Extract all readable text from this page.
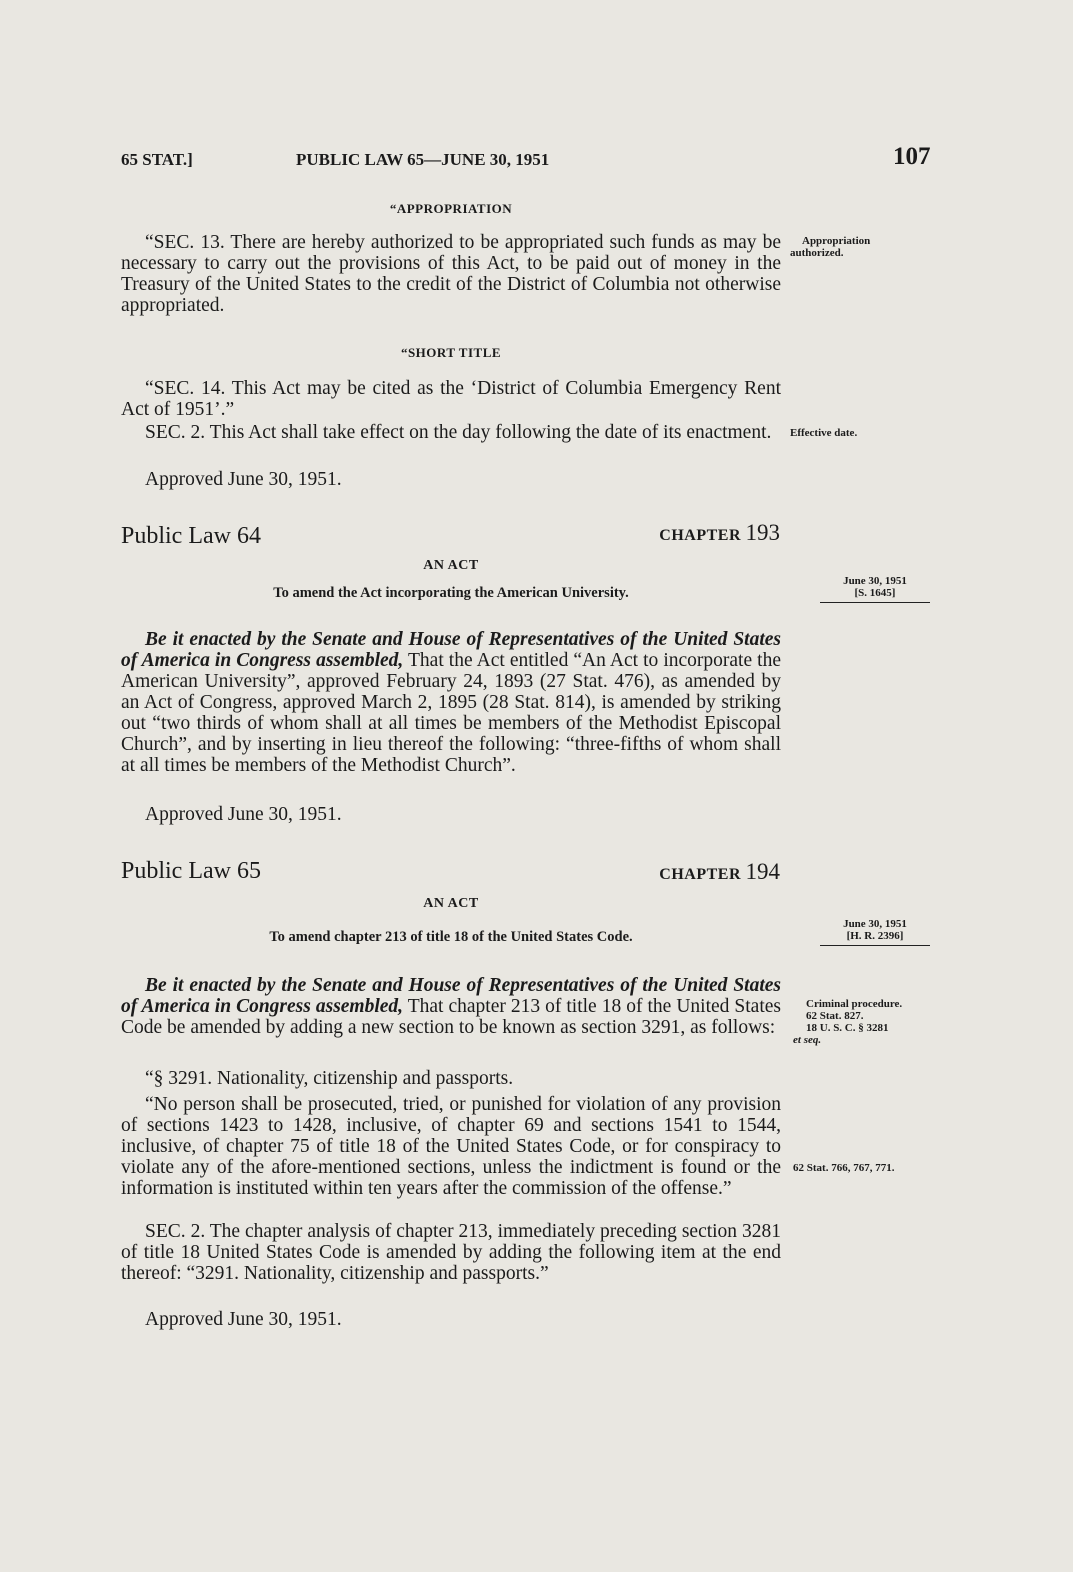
65 STAT.]	PUBLIC LAW 65—JUNE 30, 1951	107
“APPROPRIATION

“SEC. 13. There are hereby authorized to be appropriated such funds as may be necessary to carry out the provisions of this Act, to be paid out of money in the Treasury of the United States to the credit of the District of Columbia not otherwise appropriated.

“SHORT TITLE

“SEC. 14. This Act may be cited as the ‘District of Columbia Emergency Rent Act of 1951’.”

SEC. 2. This Act shall take effect on the day following the date of its enactment.

Approved June 30, 1951.

Public Law 64	CHAPTER 193
AN ACT
To amend the Act incorporating the American University.

Be it enacted by the Senate and House of Representatives of the United States of America in Congress assembled, That the Act entitled “An Act to incorporate the American University”, approved February 24, 1893 (27 Stat. 476), as amended by an Act of Congress, approved March 2, 1895 (28 Stat. 814), is amended by striking out “two thirds of whom shall at all times be members of the Methodist Episcopal Church”, and by inserting in lieu thereof the following: “three-fifths of whom shall at all times be members of the Methodist Church”.

Approved June 30, 1951.

Public Law 65	CHAPTER 194
AN ACT
To amend chapter 213 of title 18 of the United States Code.

Be it enacted by the Senate and House of Representatives of the United States of America in Congress assembled, That chapter 213 of title 18 of the United States Code be amended by adding a new section to be known as section 3291, as follows:

“§ 3291. Nationality, citizenship and passports.

“No person shall be prosecuted, tried, or punished for violation of any provision of sections 1423 to 1428, inclusive, of chapter 69 and sections 1541 to 1544, inclusive, of chapter 75 of title 18 of the United States Code, or for conspiracy to violate any of the afore-mentioned sections, unless the indictment is found or the information is instituted within ten years after the commission of the offense.”

SEC. 2. The chapter analysis of chapter 213, immediately preceding section 3281 of title 18 United States Code is amended by adding the following item at the end thereof: “3291. Nationality, citizenship and passports.”

Approved June 30, 1951.

Appropriation authorized.
Effective date.
June 30, 1951
[S. 1645]
June 30, 1951
[H. R. 2396]
Criminal procedure.
62 Stat. 827.
18 U. S. C. § 3281
et seq.
62 Stat. 766, 767, 771.
